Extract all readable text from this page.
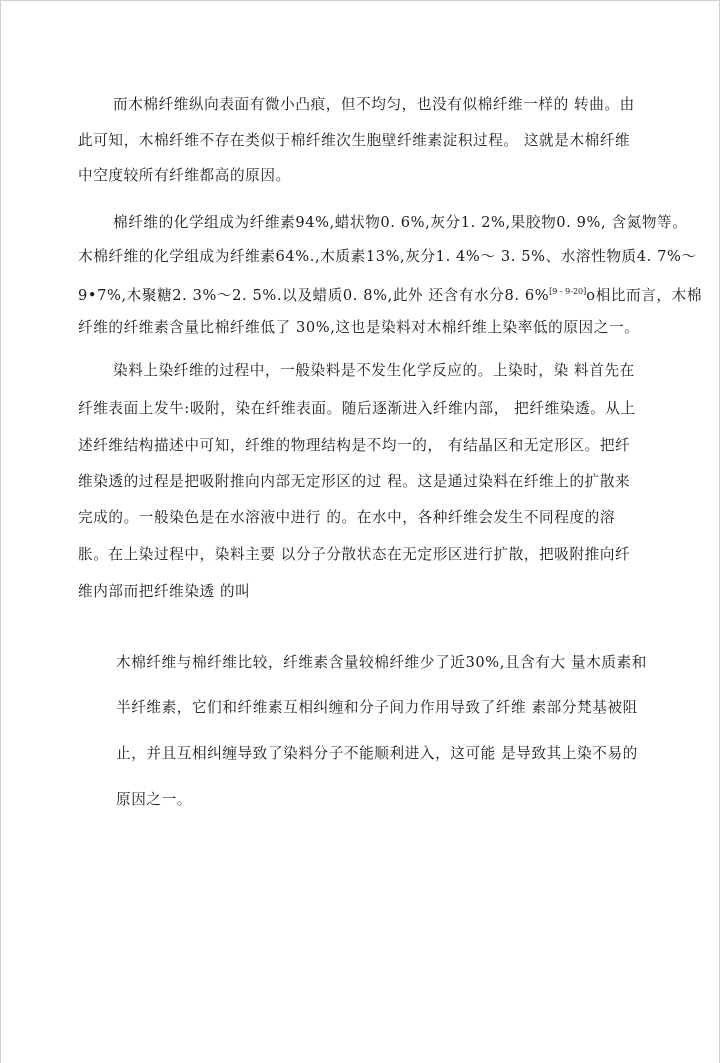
而木棉纤维纵向表面有微小凸痕，但不均匀，也没有似棉纤维一样的 转曲。由
此可知，木棉纤维不存在类似于棉纤维次生胞壁纤维素淀积过程。 这就是木棉纤维
中空度较所有纤维都高的原因。
棉纤维的化学组成为纤维素94%,蜡状物0. 6%,灰分1. 2%,果胶物0. 9%, 含氮物等。
木棉纤维的化学组成为纤维素64%.,木质素13%,灰分1. 4%～ 3. 5%、水溶性物质4. 7%～
9•7%,木聚糖2. 3%～2. 5%.以及蜡质0. 8%,此外 还含有水分8. 6%[9 - 9-20]o相比而言，木棉
纤维的纤维素含量比棉纤维低了 30%,这也是染料对木棉纤维上染率低的原因之一。
染料上染纤维的过程中，一般染料是不发生化学反应的。上染时，染 料首先在
纤维表面上发牛:吸附，染在纤维表面。随后逐渐进入纤维内部， 把纤维染透。从上
述纤维结构描述中可知，纤维的物理结构是不均一的， 有结晶区和无定形区。把纤
维染透的过程是把吸附推向内部无定形区的过 程。这是通过染料在纤维上的扩散来
完成的。一般染色是在水溶液中进行 的。在水中，各种纤维会发生不同程度的溶
胀。在上染过程中，染料主要 以分子分散状态在无定形区进行扩散，把吸附推向纤
维内部而把纤维染透 的叫
木棉纤维与棉纤维比较，纤维素含量较棉纤维少了近30%,且含有大 量木质素和
半纤维素，它们和纤维素互相纠缠和分子间力作用导致了纤维 素部分梵基被阻
止，并且互相纠缠导致了染料分子不能顺利进入，这可能 是导致其上染不易的
原因之一。
